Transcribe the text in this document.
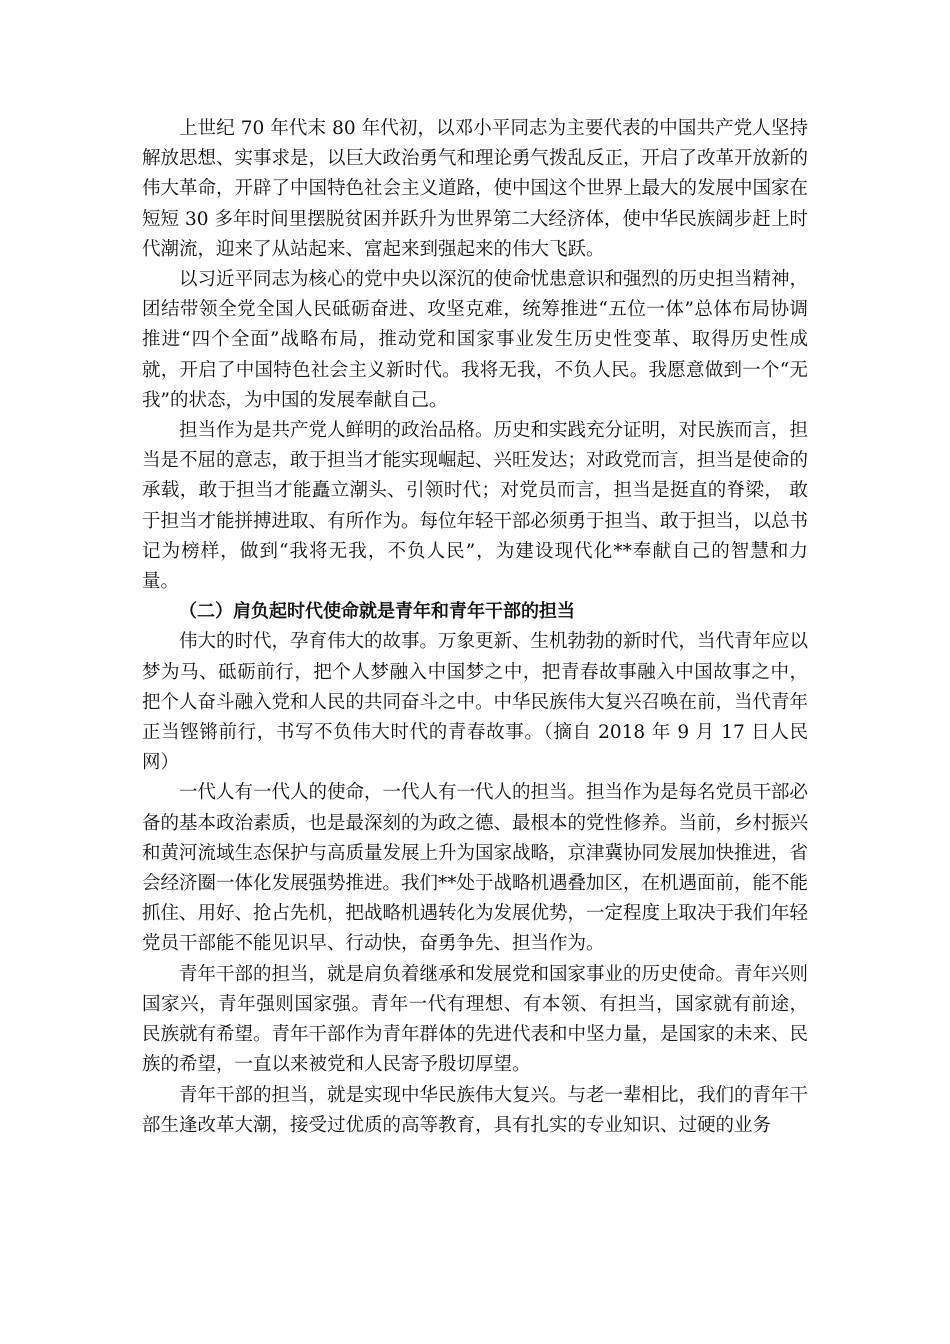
上世纪 70 年代末 80 年代初，以邓小平同志为主要代表的中国共产党人坚持解放思想、实事求是，以巨大政治勇气和理论勇气拨乱反正，开启了改革开放新的伟大革命，开辟了中国特色社会主义道路，使中国这个世界上最大的发展中国家在短短 30 多年时间里摆脱贫困并跃升为世界第二大经济体，使中华民族阔步赶上时代潮流，迎来了从站起来、富起来到强起来的伟大飞跃。

以习近平同志为核心的党中央以深沉的使命忧患意识和强烈的历史担当精神，团结带领全党全国人民砥砺奋进、攻坚克难，统筹推进“五位一体”总体布局协调推进“四个全面”战略布局，推动党和国家事业发生历史性变革、取得历史性成就，开启了中国特色社会主义新时代。我将无我，不负人民。我愿意做到一个“无我”的状态，为中国的发展奉献自己。

担当作为是共产党人鲜明的政治品格。历史和实践充分证明，对民族而言，担当是不屈的意志，敢于担当才能实现崛起、兴旺发达；对政党而言，担当是使命的承载，敢于担当才能矗立潮头、引领时代；对党员而言，担当是挺直的脊梁， 敢于担当才能拼搏进取、有所作为。每位年轻干部必须勇于担当、敢于担当，以总书记为榜样，做到“我将无我，不负人民”，为建设现代化**奉献自己的智慧和力量。

（二）肩负起时代使命就是青年和青年干部的担当

伟大的时代，孕育伟大的故事。万象更新、生机勃勃的新时代，当代青年应以梦为马、砥砺前行，把个人梦融入中国梦之中，把青春故事融入中国故事之中， 把个人奋斗融入党和人民的共同奋斗之中。中华民族伟大复兴召唤在前，当代青年正当铿锵前行，书写不负伟大时代的青春故事。（摘自 2018 年 9 月 17 日人民网）

一代人有一代人的使命，一代人有一代人的担当。担当作为是每名党员干部必备的基本政治素质，也是最深刻的为政之德、最根本的党性修养。当前，乡村振兴和黄河流域生态保护与高质量发展上升为国家战略，京津冀协同发展加快推进，省会经济圈一体化发展强势推进。我们**处于战略机遇叠加区，在机遇面前，能不能抓住、用好、抢占先机，把战略机遇转化为发展优势，一定程度上取决于我们年轻党员干部能不能见识早、行动快，奋勇争先、担当作为。

青年干部的担当，就是肩负着继承和发展党和国家事业的历史使命。青年兴则国家兴，青年强则国家强。青年一代有理想、有本领、有担当，国家就有前途， 民族就有希望。青年干部作为青年群体的先进代表和中坚力量，是国家的未来、民族的希望，一直以来被党和人民寄予殷切厚望。

青年干部的担当，就是实现中华民族伟大复兴。与老一辈相比，我们的青年干部生逢改革大潮，接受过优质的高等教育，具有扎实的专业知识、过硬的业务
